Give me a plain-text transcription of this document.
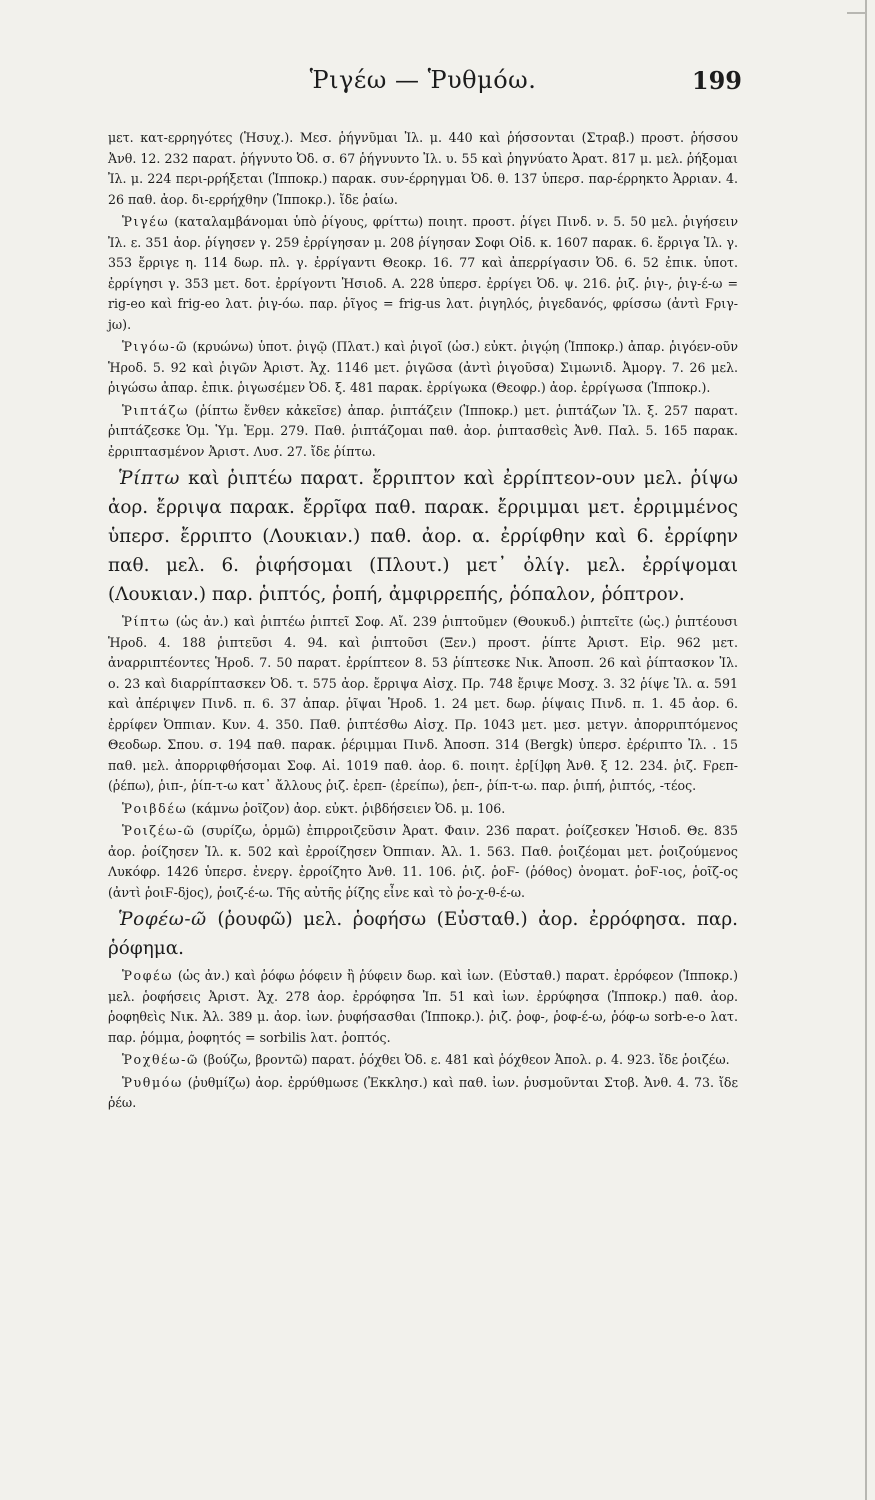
Ῥιγέω — Ῥυθμόω.	199

μετ. κατ-ερρηγότες (Ἡσυχ.). Μεσ. ῥήγνῦμαι Ἰλ. μ. 440 καὶ ῥήσσονται (Στραβ.) προστ. ῥήσσου Ἀνθ. 12. 232 παρατ. ῥήγνυτο Ὀδ. σ. 67 ῥήγνυντο Ἰλ. υ. 55 καὶ ῥηγνύατο Ἀρατ. 817 μ. μελ. ῥήξομαι Ἰλ. μ. 224 περι-ρρήξεται (Ἱπποκρ.) παρακ. συν-έρρηγμαι Ὀδ. θ. 137 ὑπερσ. παρ-έρρηκτο Ἀρριαν. 4. 26 παθ. ἀορ. δι-ερρήχθην (Ἱπποκρ.). ἴδε ῥαίω.

Ῥιγέω (καταλαμβάνομαι ὑπὸ ῥίγους, φρίττω) ποιητ. προστ. ῥίγει Πινδ. ν. 5. 50 μελ. ῥιγήσειν Ἰλ. ε. 351 ἀορ. ῥίγησεν γ. 259 ἐρρίγησαν μ. 208 ῥίγησαν Σοφι Οἰδ. κ. 1607 παρακ. 6. ἔρριγα Ἰλ. γ. 353 ἔρριγε η. 114 δωρ. πλ. γ. ἐρρίγαντι Θεοκρ. 16. 77 καὶ ἀπερρίγασιν Ὀδ. 6. 52 ἐπικ. ὑποτ. ἐρρίγησι γ. 353 μετ. δοτ. ἐρρίγοντι Ἡσιοδ. Α. 228 ὑπερσ. ἐρρίγει Ὀδ. ψ. 216. ῥιζ. ῥιγ-, ῥιγ-έ-ω = rig-eo καὶ frig-eo λατ. ῥιγ-όω. παρ. ῥῖγος = frig-us λατ. ῥιγηλός, ῥιγεδανός, φρίσσω (ἀντὶ Ϝριγ-jω).

Ῥιγόω-ῶ (κρυώνω) ὑποτ. ῥιγῷ (Πλατ.) καὶ ῥιγοῖ (ὡσ.) εὐκτ. ῥιγῴη (Ἱπποκρ.) ἀπαρ. ῥιγόεν-οῦν Ἡροδ. 5. 92 καὶ ῥιγῶν Ἀριστ. Ἀχ. 1146 μετ. ῥιγῶσα (ἀντὶ ῥιγοῦσα) Σιμωνιδ. Ἀμοργ. 7. 26 μελ. ῥιγώσω ἀπαρ. ἐπικ. ῥιγωσέμεν Ὀδ. ξ. 481 παρακ. ἐρρίγωκα (Θεοφρ.) ἀορ. ἐρρίγωσα (Ἱπποκρ.).

Ῥιπτάζω (ῥίπτω ἔνθεν κἀκεῖσε) ἀπαρ. ῥιπτάζειν (Ἱπποκρ.) μετ. ῥιπτάζων Ἰλ. ξ. 257 παρατ. ῥιπτάζεσκε Ὁμ. Ὑμ. Ἑρμ. 279. Παθ. ῥιπτάζομαι παθ. ἀορ. ῥιπτασθεὶς Ἀνθ. Παλ. 5. 165 παρακ. ἐρριπτασμένον Ἀριστ. Λυσ. 27. ἴδε ῥίπτω.

Ῥίπτω καὶ ῥιπτέω παρατ. ἔρριπτον καὶ ἐρρίπτεον-ουν μελ. ῥίψω ἀορ. ἔρριψα παρακ. ἔρρῖφα παθ. παρακ. ἔρριμμαι μετ. ἐρριμμένος ὑπερσ. ἔρριπτο (Λουκιαν.) παθ. ἀορ. α. ἐρρίφθην καὶ 6. ἐρρίφην παθ. μελ. 6. ῥιφήσομαι (Πλουτ.) μετ᾽ ὀλίγ. μελ. ἐρρίψομαι (Λουκιαν.) παρ. ῥιπτός, ῥοπή, ἀμφιρρεπής, ῥόπαλον, ῥόπτρον.

Ῥίπτω (ὡς ἀν.) καὶ ῥιπτέω ῥιπτεῖ Σοφ. Αἴ. 239 ῥιπτοῦμεν (Θουκυδ.) ῥιπτεῖτε (ὡς.) ῥιπτέουσι Ἡροδ. 4. 188 ῥιπτεῦσι 4. 94. καὶ ῥιπτοῦσι (Ξεν.) προστ. ῥίπτε Ἀριστ. Εἰρ. 962 μετ. ἀναρριπτέοντες Ἡροδ. 7. 50 παρατ. ἐρρίπτεον 8. 53 ῥίπτεσκε Νικ. Ἀποσπ. 26 καὶ ῥίπτασκον Ἰλ. ο. 23 καὶ διαρρίπτασκεν Ὀδ. τ. 575 ἀορ. ἔρριψα Αἰσχ. Πρ. 748 ἔριψε Μοσχ. 3. 32 ῥίψε Ἰλ. α. 591 καὶ ἀπέριψεν Πινδ. π. 6. 37 ἀπαρ. ῥῖψαι Ἡροδ. 1. 24 μετ. δωρ. ῥίψαις Πινδ. π. 1. 45 ἀορ. 6. ἐρρίφεν Ὀππιαν. Κυν. 4. 350. Παθ. ῥιπτέσθω Αἰσχ. Πρ. 1043 μετ. μεσ. μετγν. ἀπορριπτόμενος Θεοδωρ. Σπου. σ. 194 παθ. παρακ. ῥέριμμαι Πινδ. Ἀποσπ. 314 (Bergk) ὑπερσ. ἐρέριπτο Ἰλ. . 15 παθ. μελ. ἀπορριφθήσομαι Σοφ. Αἰ. 1019 παθ. ἀορ. 6. ποιητ. ἐρ[ί]φη Ἀνθ. ξ 12. 234. ῥιζ. Ϝρεπ- (ῥέπω), ῥιπ-, ῥίπ-τ-ω κατ᾽ ἄλλους ῥιζ. ἐρεπ- (ἐρείπω), ῥεπ-, ῥίπ-τ-ω. παρ. ῥιπή, ῥιπτός, -τέος.

Ῥοιβδέω (κάμνω ῥοῖζον) ἀορ. εὐκτ. ῥιβδήσειεν Ὀδ. μ. 106.

Ῥοιζέω-ῶ (συρίζω, ὁρμῶ) ἐπιρροιζεῦσιν Ἀρατ. Φαιν. 236 παρατ. ῥοίζεσκεν Ἡσιοδ. Θε. 835 ἀορ. ῥοίζησεν Ἰλ. κ. 502 καὶ ἐρροίζησεν Ὀππιαν. Ἀλ. 1. 563. Παθ. ῥοιζέομαι μετ. ῥοιζούμενος Λυκόφρ. 1426 ὑπερσ. ἐνεργ. ἐρροίζητο Ἀνθ. 11. 106. ῥιζ. ῥοϜ- (ῥόθος) ὀνοματ. ῥοϜ-ιος, ῥοῖζ-ος (ἀντὶ ῥοιϜ-δjος), ῥοιζ-έ-ω. Τῆς αὐτῆς ῥίζης εἶνε καὶ τὸ ῥο-χ-θ-έ-ω.

Ῥοφέω-ῶ (ῥουφῶ) μελ. ῥοφήσω (Εὐσταθ.) ἀορ. ἐρρόφησα. παρ. ῥόφημα.

Ῥοφέω (ὡς ἀν.) καὶ ῥόφω ῥόφειν ἢ ῥύφειν δωρ. καὶ ἰων. (Εὐσταθ.) παρατ. ἐρρόφεον (Ἱπποκρ.) μελ. ῥοφήσεις Ἀριστ. Ἀχ. 278 ἀορ. ἐρρόφησα Ἱπ. 51 καὶ ἰων. ἐρρύφησα (Ἱπποκρ.) παθ. ἀορ. ῥοφηθεὶς Νικ. Ἀλ. 389 μ. ἀορ. ἰων. ῥυφήσασθαι (Ἱπποκρ.). ῥιζ. ῥοφ-, ῥοφ-έ-ω, ῥόφ-ω sorb-e-o λατ. παρ. ῥόμμα, ῥοφητός = sorbilis λατ. ῥοπτός.

Ῥοχθέω-ῶ (βούζω, βροντῶ) παρατ. ῥόχθει Ὀδ. ε. 481 καὶ ῥόχθεον Ἀπολ. ρ. 4. 923. ἴδε ῥοιζέω.

Ῥυθμόω (ῥυθμίζω) ἀορ. ἐρρύθμωσε (Ἐκκλησ.) καὶ παθ. ἰων. ῥυσμοῦνται Στοβ. Ἀνθ. 4. 73. ἴδε ῥέω.
